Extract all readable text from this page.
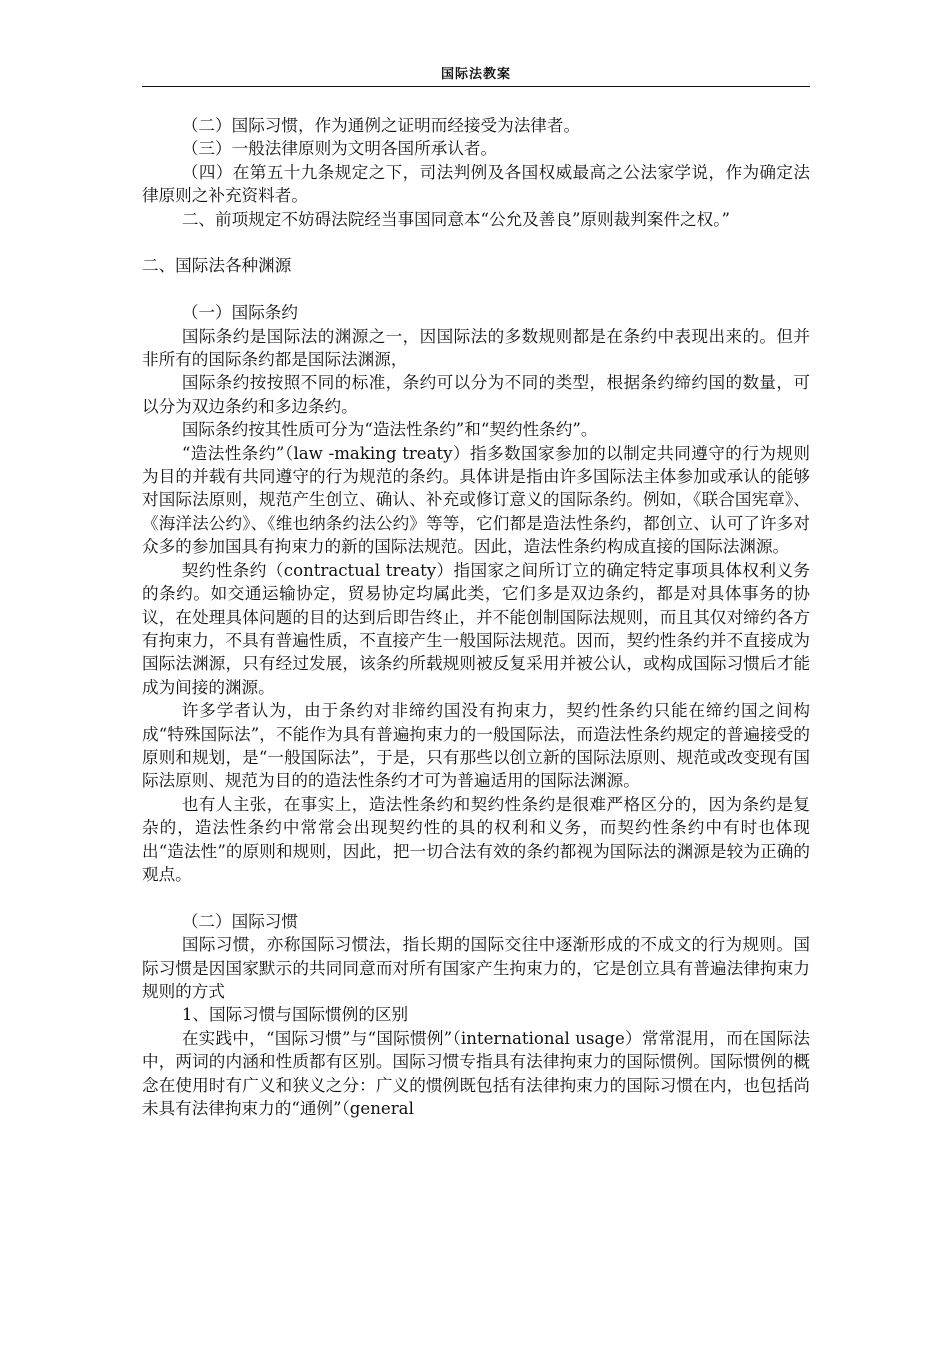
国际法教案

（二）国际习惯，作为通例之证明而经接受为法律者。

（三）一般法律原则为文明各国所承认者。

（四）在第五十九条规定之下，司法判例及各国权威最高之公法家学说，作为确定法律原则之补充资料者。

二、前项规定不妨碍法院经当事国同意本“公允及善良”原则裁判案件之权。”

二、国际法各种渊源

（一）国际条约

国际条约是国际法的渊源之一，因国际法的多数规则都是在条约中表现出来的。但并非所有的国际条约都是国际法渊源，

国际条约按按照不同的标准，条约可以分为不同的类型，根据条约缔约国的数量，可以分为双边条约和多边条约。

国际条约按其性质可分为“造法性条约”和“契约性条约”。

“造法性条约”（law -making treaty）指多数国家参加的以制定共同遵守的行为规则为目的并载有共同遵守的行为规范的条约。具体讲是指由许多国际法主体参加或承认的能够对国际法原则，规范产生创立、确认、补充或修订意义的国际条约。例如，《联合国宪章》、《海洋法公约》、《维也纳条约法公约》等等，它们都是造法性条约，都创立、认可了许多对众多的参加国具有拘束力的新的国际法规范。因此，造法性条约构成直接的国际法渊源。

契约性条约（contractual treaty）指国家之间所订立的确定特定事项具体权利义务的条约。如交通运输协定，贸易协定均属此类，它们多是双边条约，都是对具体事务的协议，在处理具体问题的目的达到后即告终止，并不能创制国际法规则，而且其仅对缔约各方有拘束力，不具有普遍性质，不直接产生一般国际法规范。因而，契约性条约并不直接成为国际法渊源，只有经过发展，该条约所载规则被反复采用并被公认，或构成国际习惯后才能成为间接的渊源。

许多学者认为，由于条约对非缔约国没有拘束力，契约性条约只能在缔约国之间构成“特殊国际法”，不能作为具有普遍拘束力的一般国际法，而造法性条约规定的普遍接受的原则和规划，是“一般国际法”，于是，只有那些以创立新的国际法原则、规范或改变现有国际法原则、规范为目的的造法性条约才可为普遍适用的国际法渊源。

也有人主张，在事实上，造法性条约和契约性条约是很难严格区分的，因为条约是复杂的，造法性条约中常常会出现契约性的具的权利和义务，而契约性条约中有时也体现出“造法性”的原则和规则，因此，把一切合法有效的条约都视为国际法的渊源是较为正确的观点。

（二）国际习惯

国际习惯，亦称国际习惯法，指长期的国际交往中逐渐形成的不成文的行为规则。国际习惯是因国家默示的共同同意而对所有国家产生拘束力的，它是创立具有普遍法律拘束力规则的方式

1、国际习惯与国际惯例的区别

在实践中，“国际习惯”与“国际惯例”（international usage）常常混用，而在国际法中，两词的内涵和性质都有区别。国际习惯专指具有法律拘束力的国际惯例。国际惯例的概念在使用时有广义和狭义之分：广义的惯例既包括有法律拘束力的国际习惯在内，也包括尚未具有法律拘束力的“通例”（general
